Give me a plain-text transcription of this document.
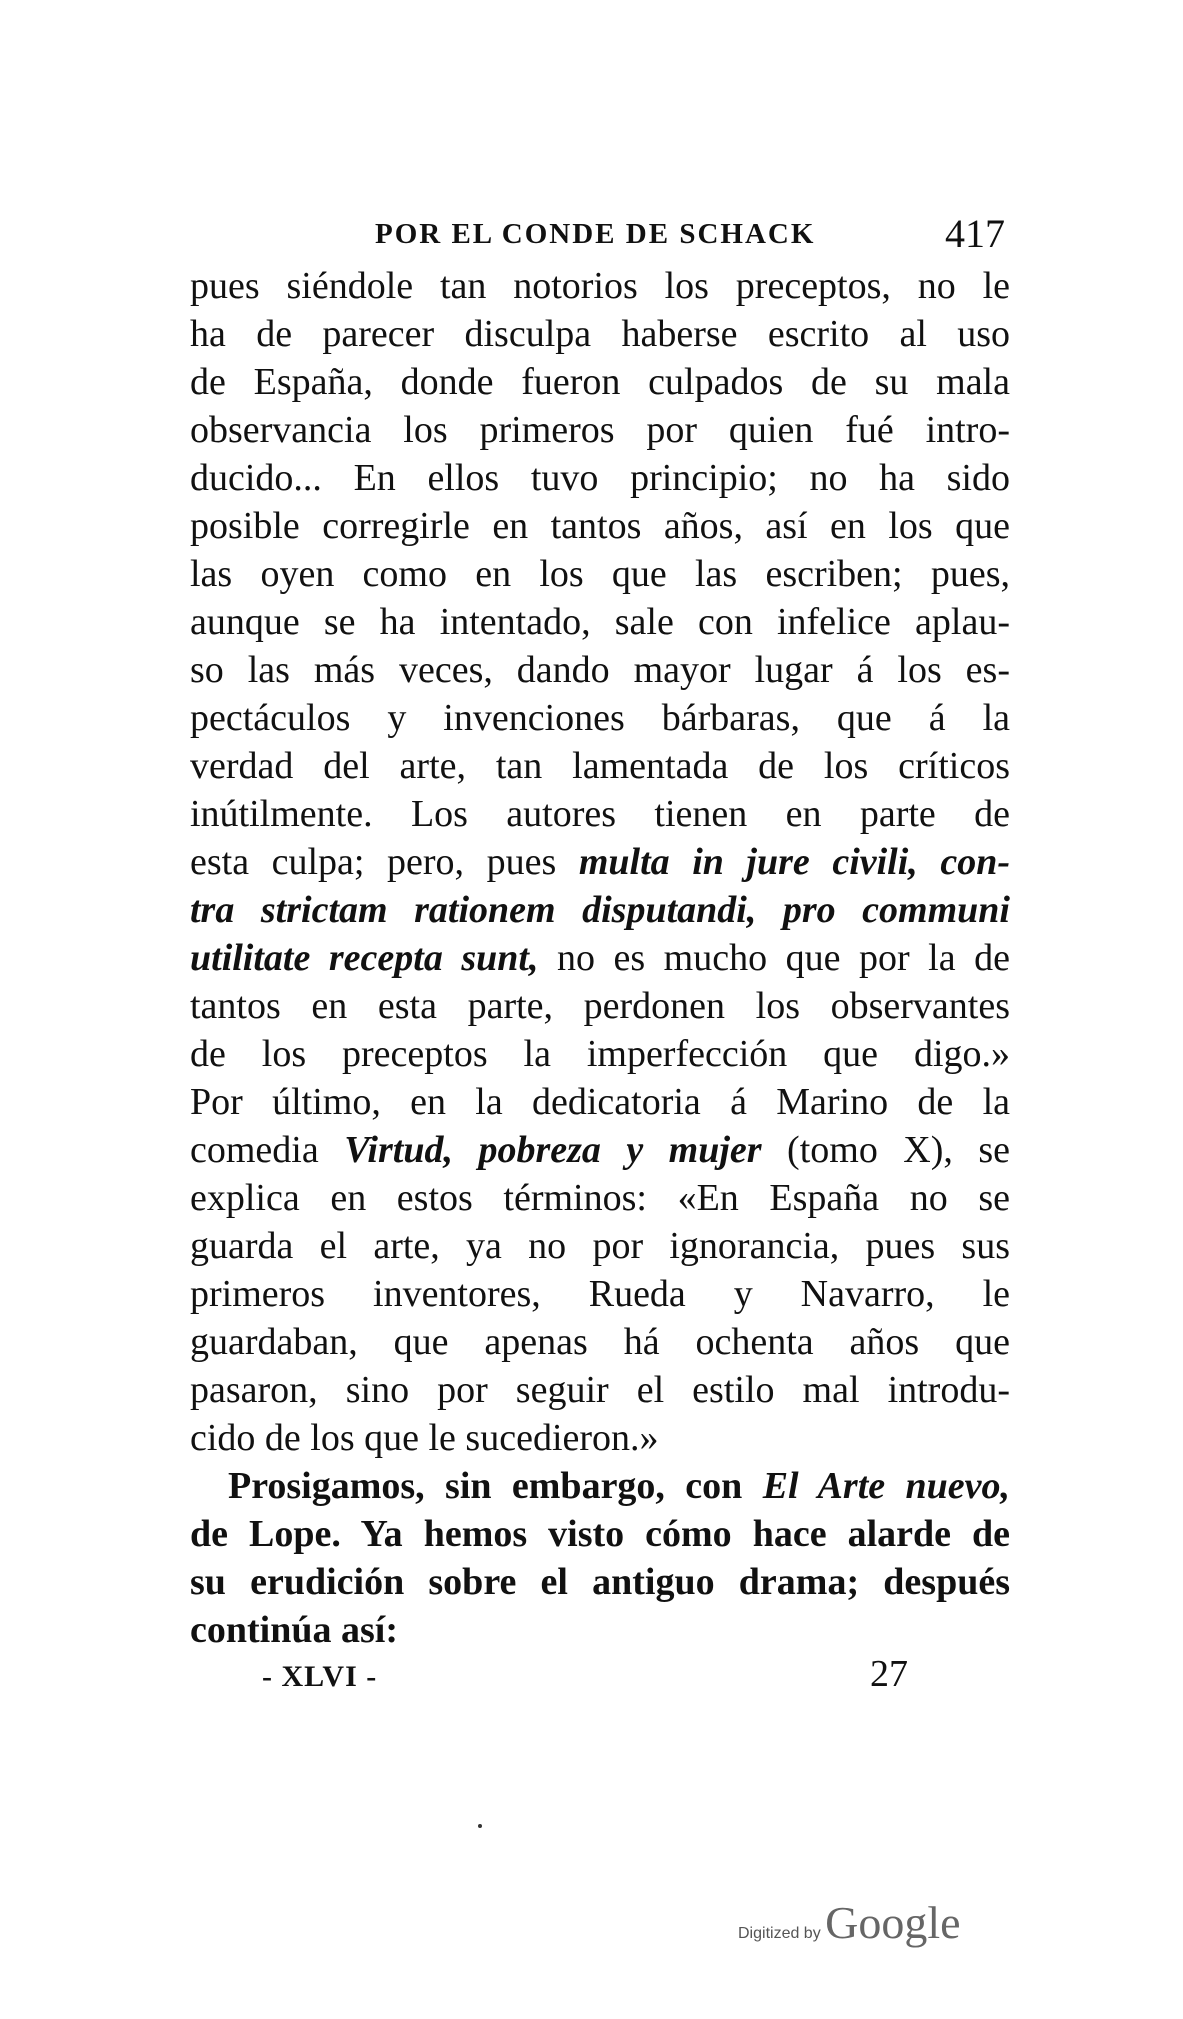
POR EL CONDE DE SCHACK	417
pues siéndole tan notorios los preceptos, no le
ha de parecer disculpa haberse escrito al uso
de España, donde fueron culpados de su mala
observancia los primeros por quien fué intro-
ducido... En ellos tuvo principio; no ha sido
posible corregirle en tantos años, así en los que
las oyen como en los que las escriben; pues,
aunque se ha intentado, sale con infelice aplau-
so las más veces, dando mayor lugar á los es-
pectáculos y invenciones bárbaras, que á la
verdad del arte, tan lamentada de los críticos
inútilmente. Los autores tienen en parte de
esta culpa; pero, pues multa in jure civili, con-
tra strictam rationem disputandi, pro communi
utilitate recepta sunt, no es mucho que por la de
tantos en esta parte, perdonen los observantes
de los preceptos la imperfección que digo.»
Por último, en la dedicatoria á Marino de la
comedia Virtud, pobreza y mujer (tomo X), se
explica en estos términos: «En España no se
guarda el arte, ya no por ignorancia, pues sus
primeros inventores, Rueda y Navarro, le
guardaban, que apenas há ochenta años que
pasaron, sino por seguir el estilo mal introdu-
cido de los que le sucedieron.»
Prosigamos, sin embargo, con El Arte nuevo,
de Lope. Ya hemos visto cómo hace alarde de
su erudición sobre el antiguo drama; después
continúa así:
- XLVI -	27
Digitized by Google
